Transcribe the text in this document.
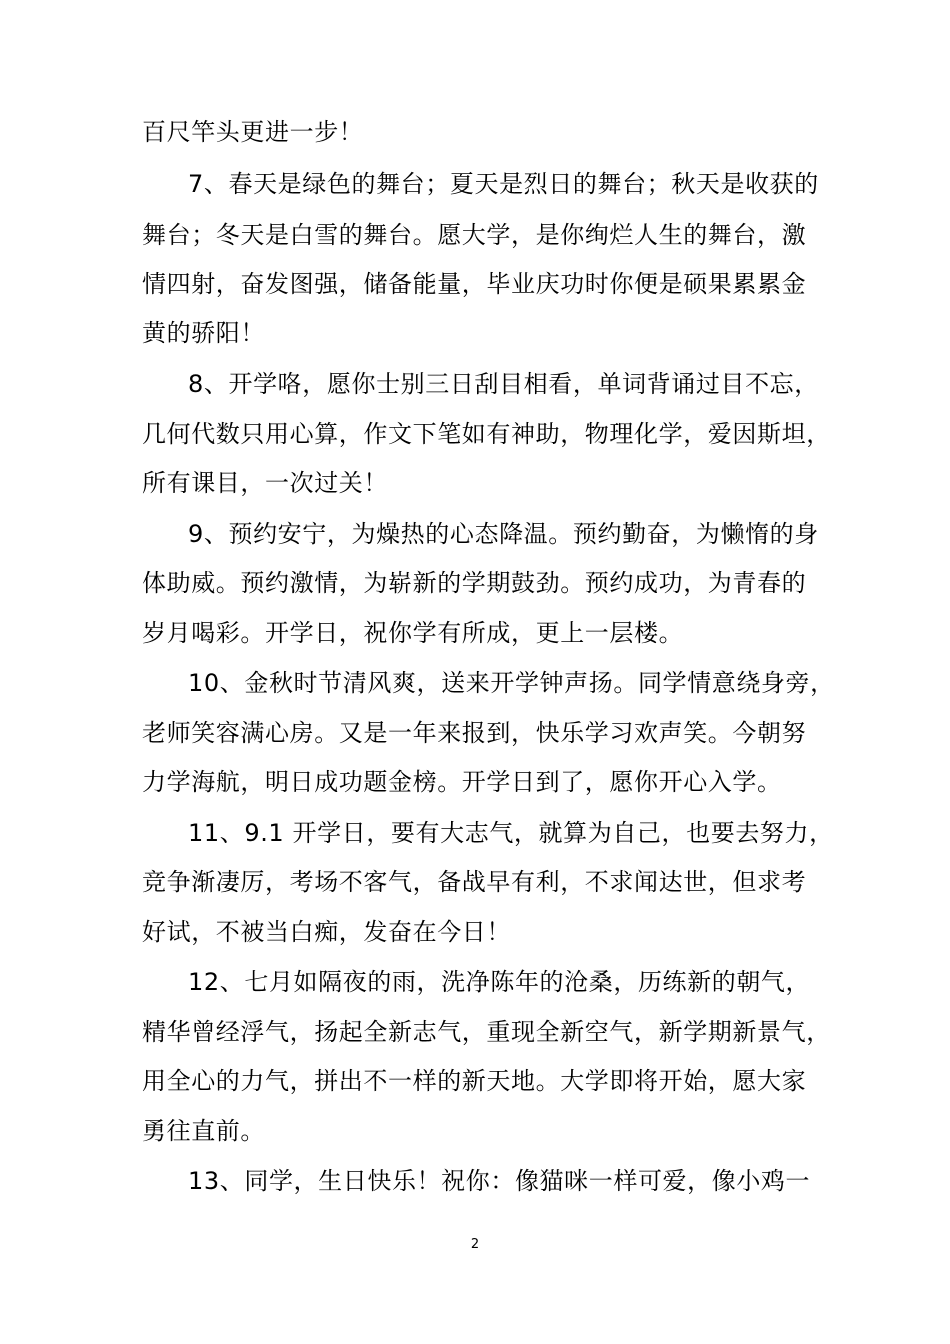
百尺竿头更进一步！
7、春天是绿色的舞台；夏天是烈日的舞台；秋天是收获的
舞台；冬天是白雪的舞台。愿大学，是你绚烂人生的舞台，激
情四射，奋发图强，储备能量，毕业庆功时你便是硕果累累金
黄的骄阳！
8、开学咯，愿你士别三日刮目相看，单词背诵过目不忘，
几何代数只用心算，作文下笔如有神助，物理化学，爱因斯坦，
所有课目，一次过关！
9、预约安宁，为燥热的心态降温。预约勤奋，为懒惰的身
体助威。预约激情，为崭新的学期鼓劲。预约成功，为青春的
岁月喝彩。开学日，祝你学有所成，更上一层楼。
10、金秋时节清风爽，送来开学钟声扬。同学情意绕身旁，
老师笑容满心房。又是一年来报到，快乐学习欢声笑。今朝努
力学海航，明日成功题金榜。开学日到了，愿你开心入学。
11、9.1 开学日，要有大志气，就算为自己，也要去努力，
竞争渐凄厉，考场不客气，备战早有利，不求闻达世，但求考
好试，不被当白痴，发奋在今日！
12、七月如隔夜的雨，洗净陈年的沧桑，历练新的朝气，
精华曾经浮气，扬起全新志气，重现全新空气，新学期新景气，
用全心的力气，拼出不一样的新天地。大学即将开始，愿大家
勇往直前。
13、同学，生日快乐！祝你：像猫咪一样可爱，像小鸡一
2
